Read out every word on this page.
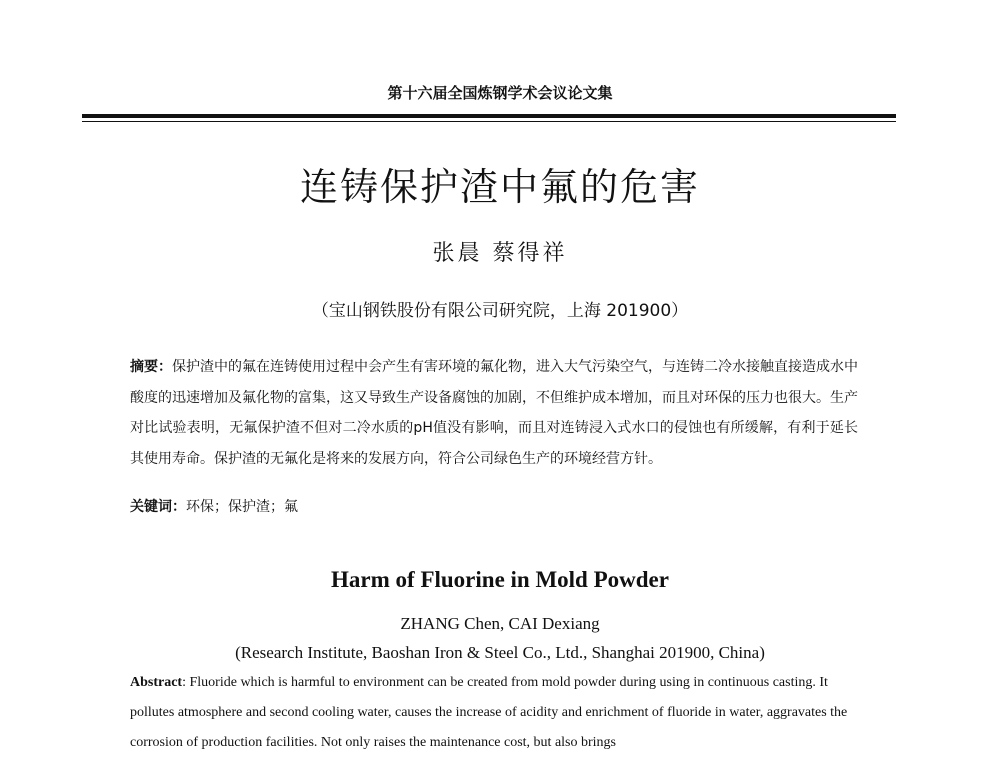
第十六届全国炼钢学术会议论文集
连铸保护渣中氟的危害
张晨 蔡得祥
（宝山钢铁股份有限公司研究院，上海 201900）
摘要：保护渣中的氟在连铸使用过程中会产生有害环境的氟化物，进入大气污染空气，与连铸二冷水接触直接造成水中酸度的迅速增加及氟化物的富集，这又导致生产设备腐蚀的加剧，不但维护成本增加，而且对环保的压力也很大。生产对比试验表明，无氟保护渣不但对二冷水质的pH值没有影响，而且对连铸浸入式水口的侵蚀也有所缓解，有利于延长其使用寿命。保护渣的无氟化是将来的发展方向，符合公司绿色生产的环境经营方针。
关键词：环保；保护渣；氟
Harm of Fluorine in Mold Powder
ZHANG Chen, CAI Dexiang
(Research Institute, Baoshan Iron & Steel Co., Ltd., Shanghai 201900, China)
Abstract: Fluoride which is harmful to environment can be created from mold powder during using in continuous casting. It pollutes atmosphere and second cooling water, causes the increase of acidity and enrichment of fluoride in water, aggravates the corrosion of production facilities. Not only raises the maintenance cost, but also brings
